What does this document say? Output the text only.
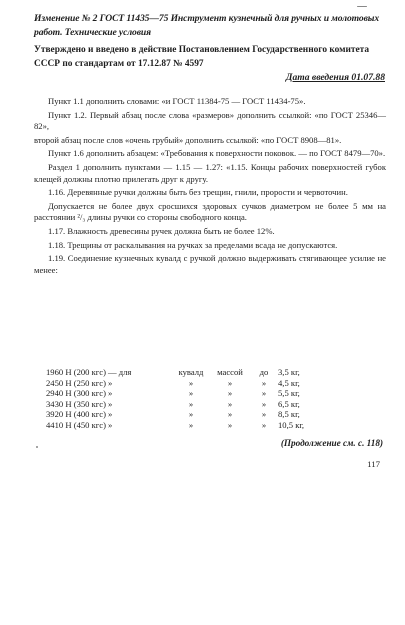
Изменение № 2 ГОСТ 11435—75 Инструмент кузнечный для ручных и молотовых работ. Технические условия
Утверждено и введено в действие Постановлением Государственного комитета СССР по стандартам от 17.12.87 № 4597
Дата введения 01.07.88

Пункт 1.1 дополнить словами: «и ГОСТ 11384-75 — ГОСТ 11434-75».

Пункт 1.2. Первый абзац после слова «размеров» дополнить ссылкой: «по ГОСТ 25346—82»,

второй абзац после слов «очень грубый» дополнить ссылкой: «по ГОСТ 8908—81».

Пункт 1.6 дополнить абзацем: «Требования к поверхности поковок. — по ГОСТ 8479—70».

Раздел 1 дополнить пунктами — 1.15 — 1.27: «1.15. Концы рабочих поверхностей губок клещей должны плотно прилегать друг к другу.

1.16. Деревянные ручки должны быть без трещин, гнили, прорости и червоточин.

Допускается не более двух сросшихся здоровых сучков диаметром не более 5 мм на расстоянии ²/₃ длины ручки со стороны свободного конца.

1.17. Влажность древесины ручек должна быть не более 12%.

1.18. Трещины от раскалывания на ручках за пределами всада не допускаются.

1.19. Соединение кузнечных кувалд с ручкой должно выдерживать стягивающее усилие не менее:

1960 Н (200 кгс) — для	кувалд	массой	до	3,5 кг,
2450 Н (250 кгс) »	»	»	»	4,5 кг,
2940 Н (300 кгс) »	»	»	»	5,5 кг,
3430 Н (350 кгс) »	»	»	»	6,5 кг,
3920 Н (400 кгс) »	»	»	»	8,5 кг,
4410 Н (450 кгс) »	»	»	»	10,5 кг,
(Продолжение см. с. 118)
117
